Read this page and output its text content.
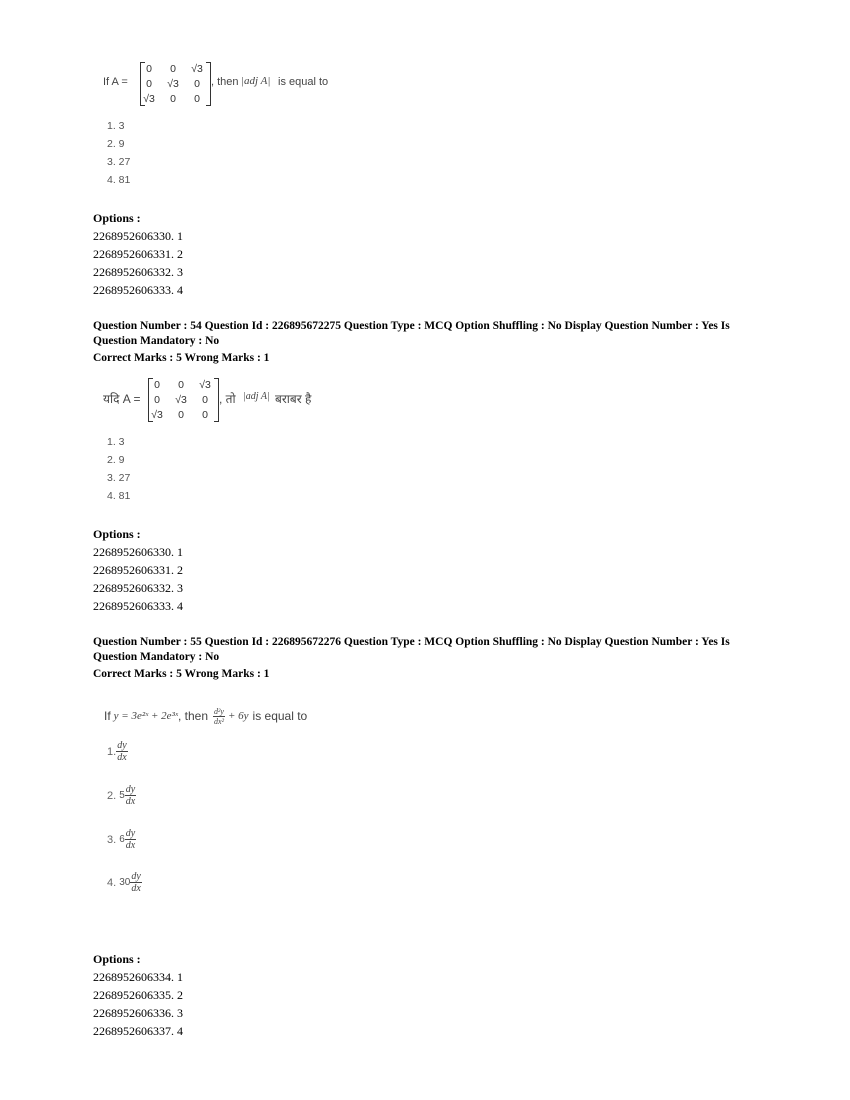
If A =
0	0	√3
0	√3	0
√3	0	0
, then |adj A| is equal to
1. 3
2. 9
3. 27
4. 81
Options :
2268952606330. 1
2268952606331. 2
2268952606332. 3
2268952606333. 4
Question Number : 54 Question Id : 226895672275 Question Type : MCQ Option Shuffling : No Display Question Number : Yes Is
Question Mandatory : No
Correct Marks : 5 Wrong Marks : 1
यदि A =
0	0	√3
0	√3	0
√3	0	0
, तो |adj A| बराबर है
1. 3
2. 9
3. 27
4. 81
Options :
2268952606330. 1
2268952606331. 2
2268952606332. 3
2268952606333. 4
Question Number : 55 Question Id : 226895672276 Question Type : MCQ Option Shuffling : No Display Question Number : Yes Is
Question Mandatory : No
Correct Marks : 5 Wrong Marks : 1
If y = 3e²ˣ + 2e³ˣ , then $\frac{\text{d²y}}{\text{dx²}} + 6y$ is equal to
1. $\frac{dy}{dx}$
2. $5 \frac{dy}{dx}$
3. $6 \frac{dy}{dx}$
4. $30 \frac{dy}{dx}$
Options :
2268952606334. 1
2268952606335. 2
2268952606336. 3
2268952606337. 4
